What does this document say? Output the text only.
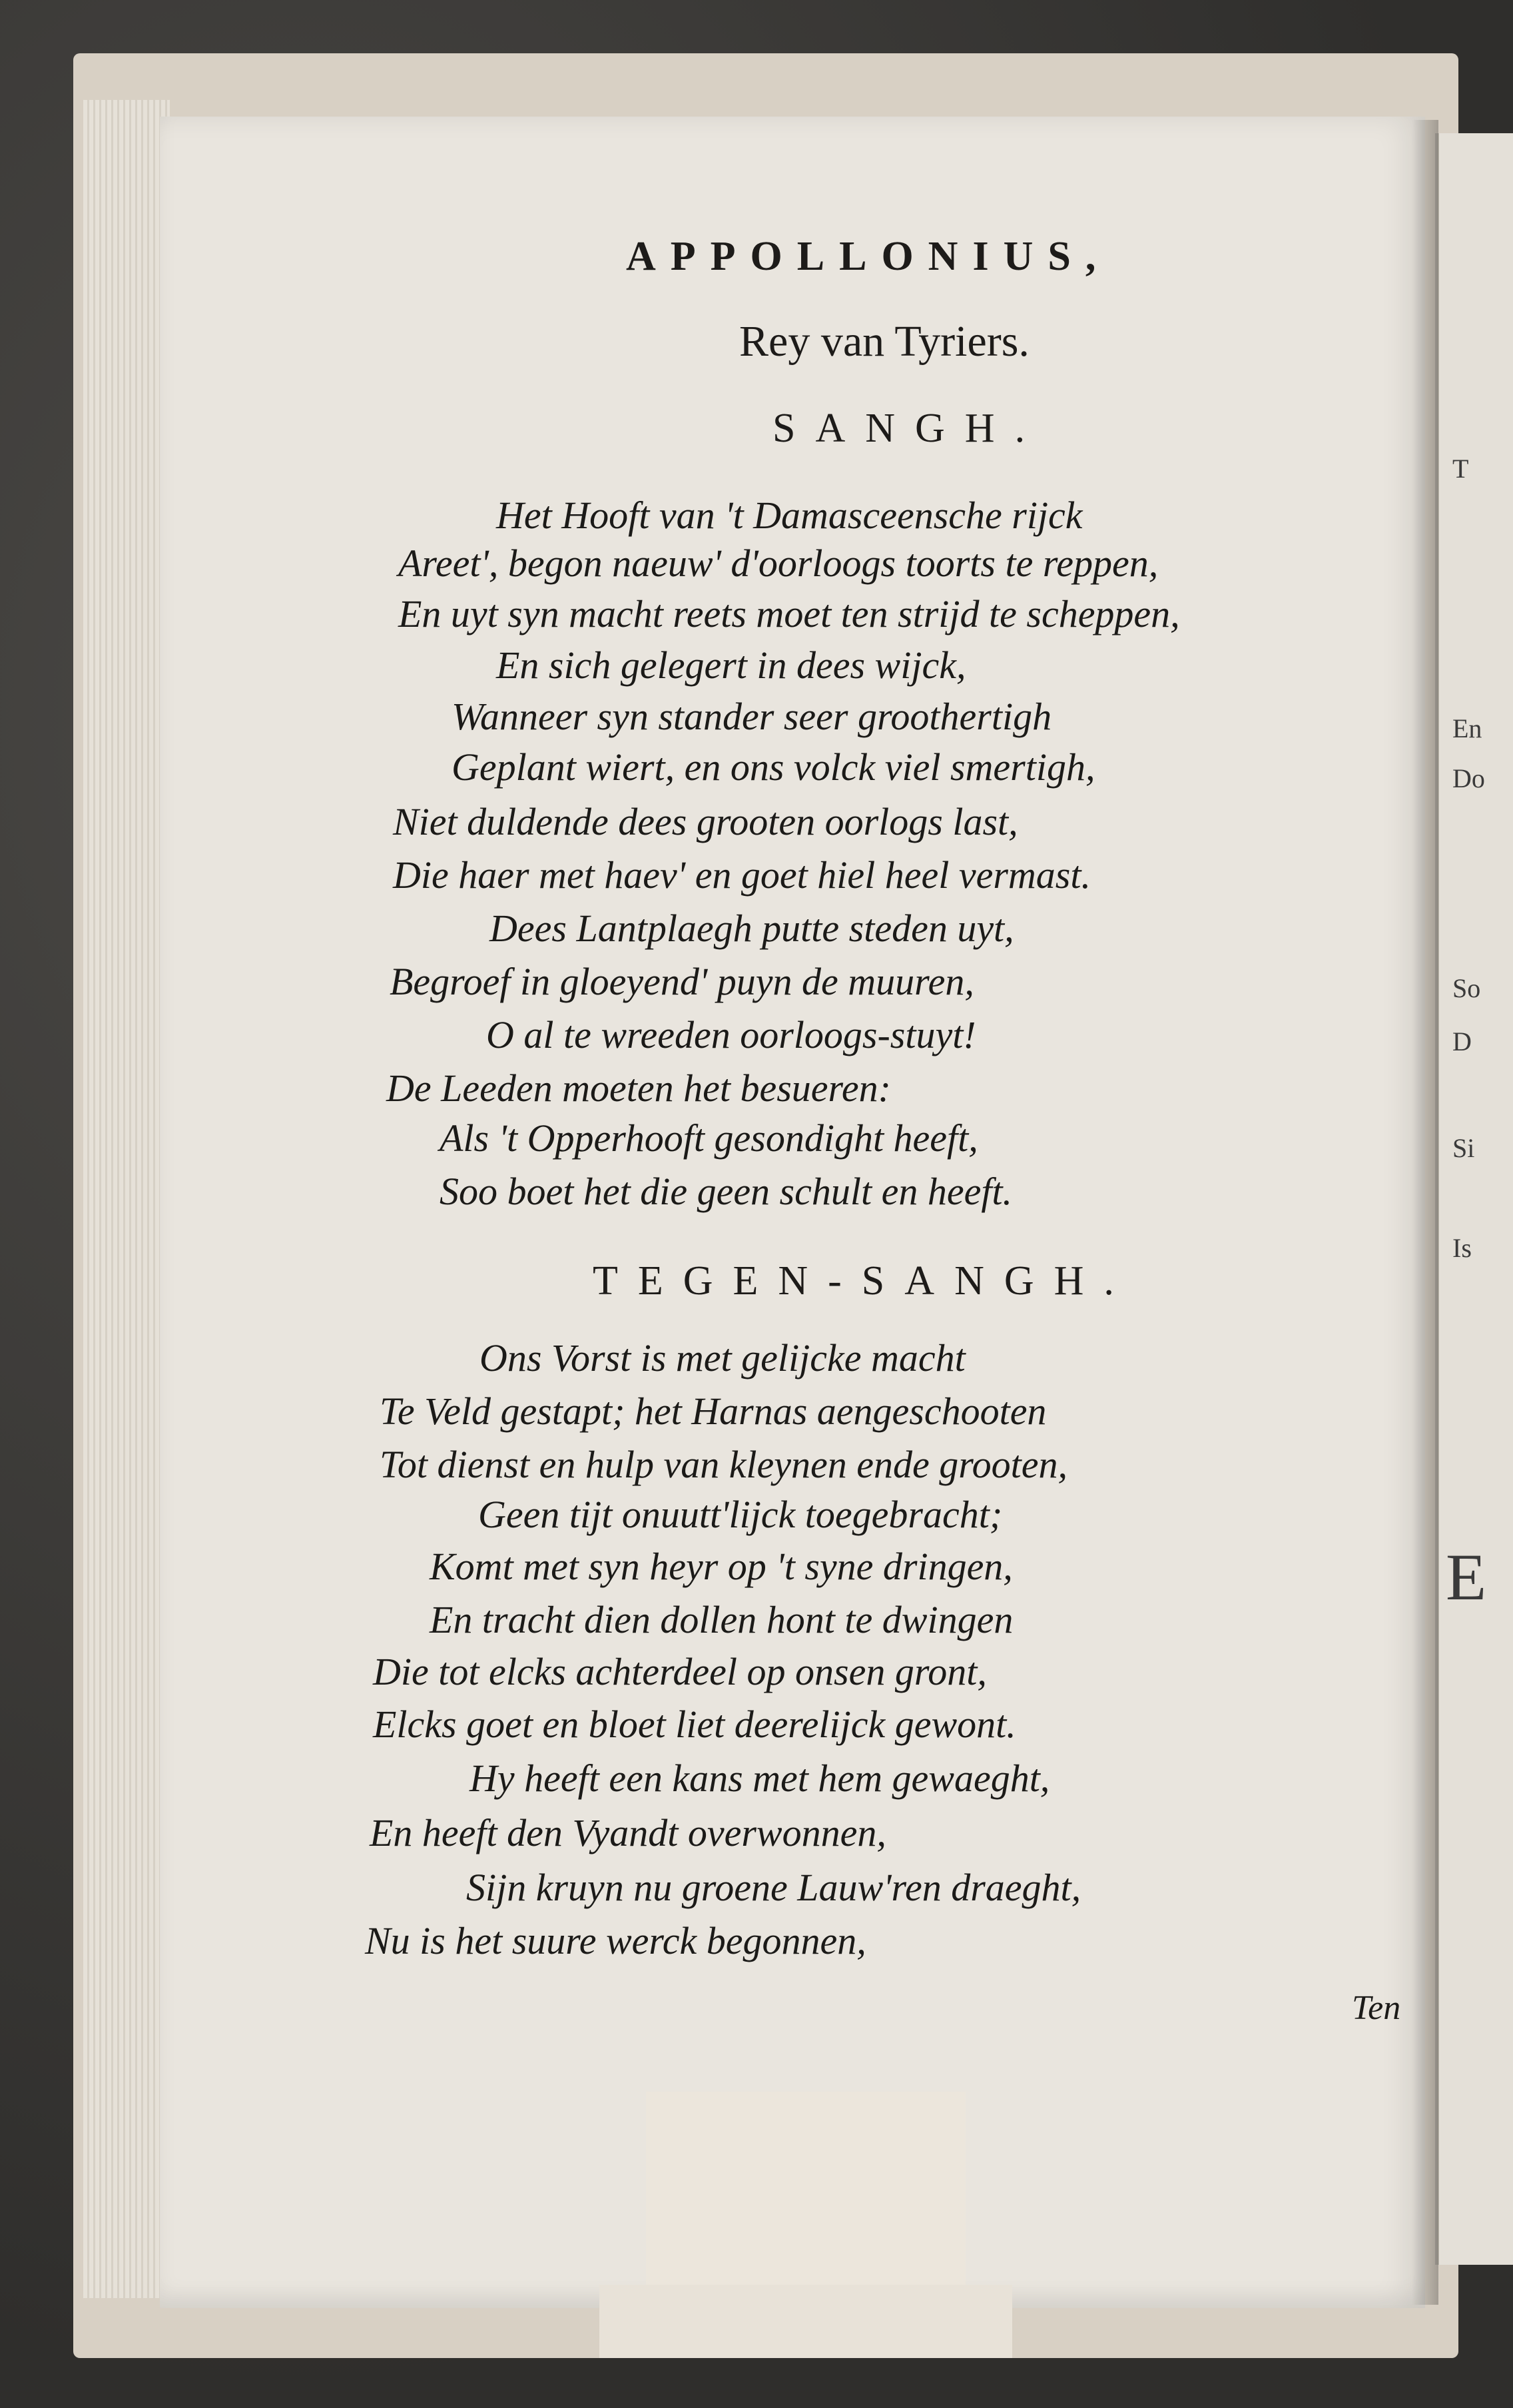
T
En
Do
So
D
Si
Is
E
APPOLLONIUS,
Rey van Tyriers.
SANGH.
Het Hooft van 't Damasceensche rijck
Areet', begon naeuw' d'oorloogs toorts te reppen,
En uyt syn macht reets moet ten strijd te scheppen,
En sich gelegert in dees wijck,
Wanneer syn stander seer groothertigh
Geplant wiert, en ons volck viel smertigh,
Niet duldende dees grooten oorlogs last,
Die haer met haev' en goet hiel heel vermast.
Dees Lantplaegh putte steden uyt,
Begroef in gloeyend' puyn de muuren,
O al te wreeden oorloogs-stuyt!
De Leeden moeten het besueren:
Als 't Opperhooft gesondight heeft,
Soo boet het die geen schult en heeft.
TEGEN-SANGH.
Ons Vorst is met gelijcke macht
Te Veld gestapt; het Harnas aengeschooten
Tot dienst en hulp van kleynen ende grooten,
Geen tijt onuutt'lijck toegebracht;
Komt met syn heyr op 't syne dringen,
En tracht dien dollen hont te dwingen
Die tot elcks achterdeel op onsen gront,
Elcks goet en bloet liet deerelijck gewont.
Hy heeft een kans met hem gewaeght,
En heeft den Vyandt overwonnen,
Sijn kruyn nu groene Lauw'ren draeght,
Nu is het suure werck begonnen,
Ten
